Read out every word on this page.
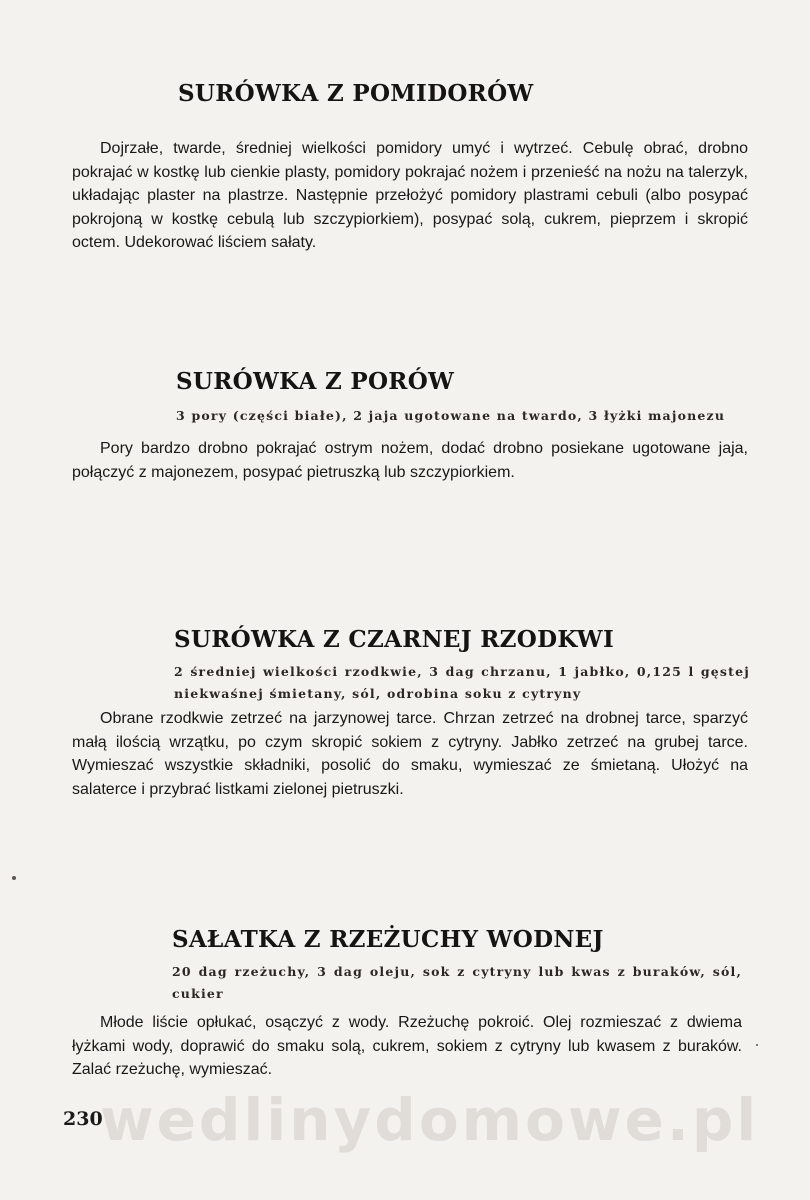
SURÓWKA Z POMIDORÓW

Dojrzałe, twarde, średniej wielkości pomidory umyć i wytrzeć. Cebulę obrać, drobno pokrajać w kostkę lub cienkie plasty, pomidory pokrajać nożem i przenieść na nożu na talerzyk, układając plaster na plastrze. Następnie przełożyć pomidory plastrami cebuli (albo posypać pokrojoną w kostkę cebulą lub szczypiorkiem), posypać solą, cukrem, pieprzem i skropić octem. Udekorować liściem sałaty.

SURÓWKA Z PORÓW
3 pory (części białe), 2 jaja ugotowane na twardo, 3 łyżki majonezu

Pory bardzo drobno pokrajać ostrym nożem, dodać drobno posiekane ugotowane jaja, połączyć z majonezem, posypać pietruszką lub szczypiorkiem.

SURÓWKA Z CZARNEJ RZODKWI
2 średniej wielkości rzodkwie, 3 dag chrzanu, 1 jabłko, 0,125 l gęstej niekwaśnej śmietany, sól, odrobina soku z cytryny

Obrane rzodkwie zetrzeć na jarzynowej tarce. Chrzan zetrzeć na drobnej tarce, sparzyć małą ilością wrzątku, po czym skropić sokiem z cytryny. Jabłko zetrzeć na grubej tarce. Wymieszać wszystkie składniki, posolić do smaku, wymieszać ze śmietaną. Ułożyć na salaterce i przybrać listkami zielonej pietruszki.

SAŁATKA Z RZEŻUCHY WODNEJ
20 dag rzeżuchy, 3 dag oleju, sok z cytryny lub kwas z buraków, sól, cukier

Młode liście opłukać, osączyć z wody. Rzeżuchę pokroić. Olej rozmieszać z dwiema łyżkami wody, doprawić do smaku solą, cukrem, sokiem z cytryny lub kwasem z buraków. Zalać rzeżuchę, wymieszać.

wedlinydomowe.pl
230
